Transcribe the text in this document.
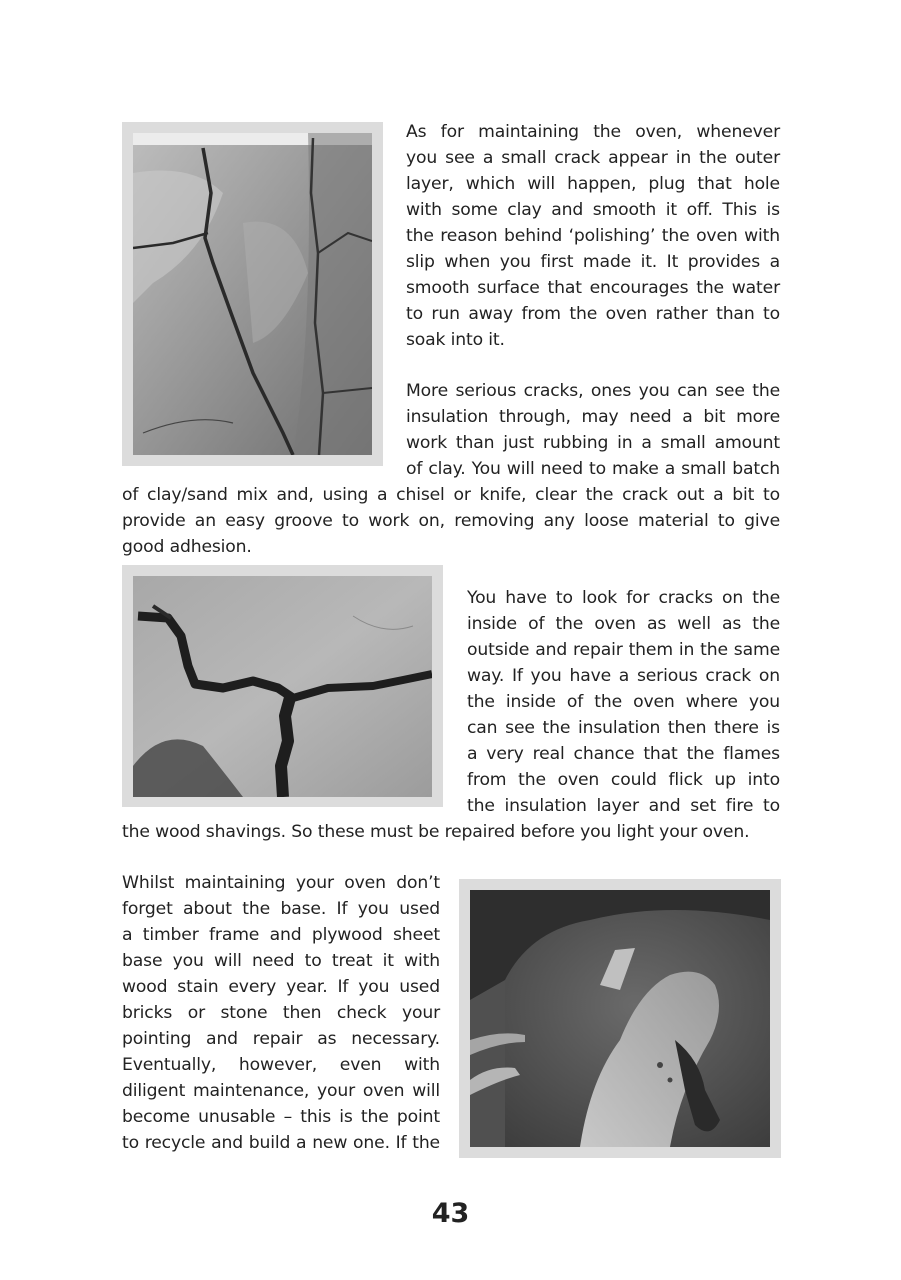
As for maintaining the oven, whenever
you see a small crack appear in the outer
layer, which will happen, plug that hole
with some clay and smooth it off. This is
the reason behind ‘polishing’ the oven with
slip when you first made it. It provides a
smooth surface that encourages the water
to run away from the oven rather than to
soak into it.
More serious cracks, ones you can see the
insulation through, may need a bit more
work than just rubbing in a small amount
of clay. You will need to make a small batch
of clay/sand mix and, using a chisel or knife, clear the crack out a bit to
provide an easy groove to work on, removing any loose material to give
good adhesion.
You have to look for cracks on the
inside of the oven as well as the
outside and repair them in the same
way. If you have a serious crack on
the inside of the oven where you
can see the insulation then there is
a very real chance that the flames
from the oven could flick up into
the insulation layer and set fire to
the wood shavings. So these must be repaired before you light your oven.
Whilst maintaining your oven don’t
forget about the base. If you used
a timber frame and plywood sheet
base you will need to treat it with
wood stain every year. If you used
bricks or stone then check your
pointing and repair as necessary.
Eventually, however, even with
diligent maintenance, your oven will
become unusable – this is the point
to recycle and build a new one. If the
43
